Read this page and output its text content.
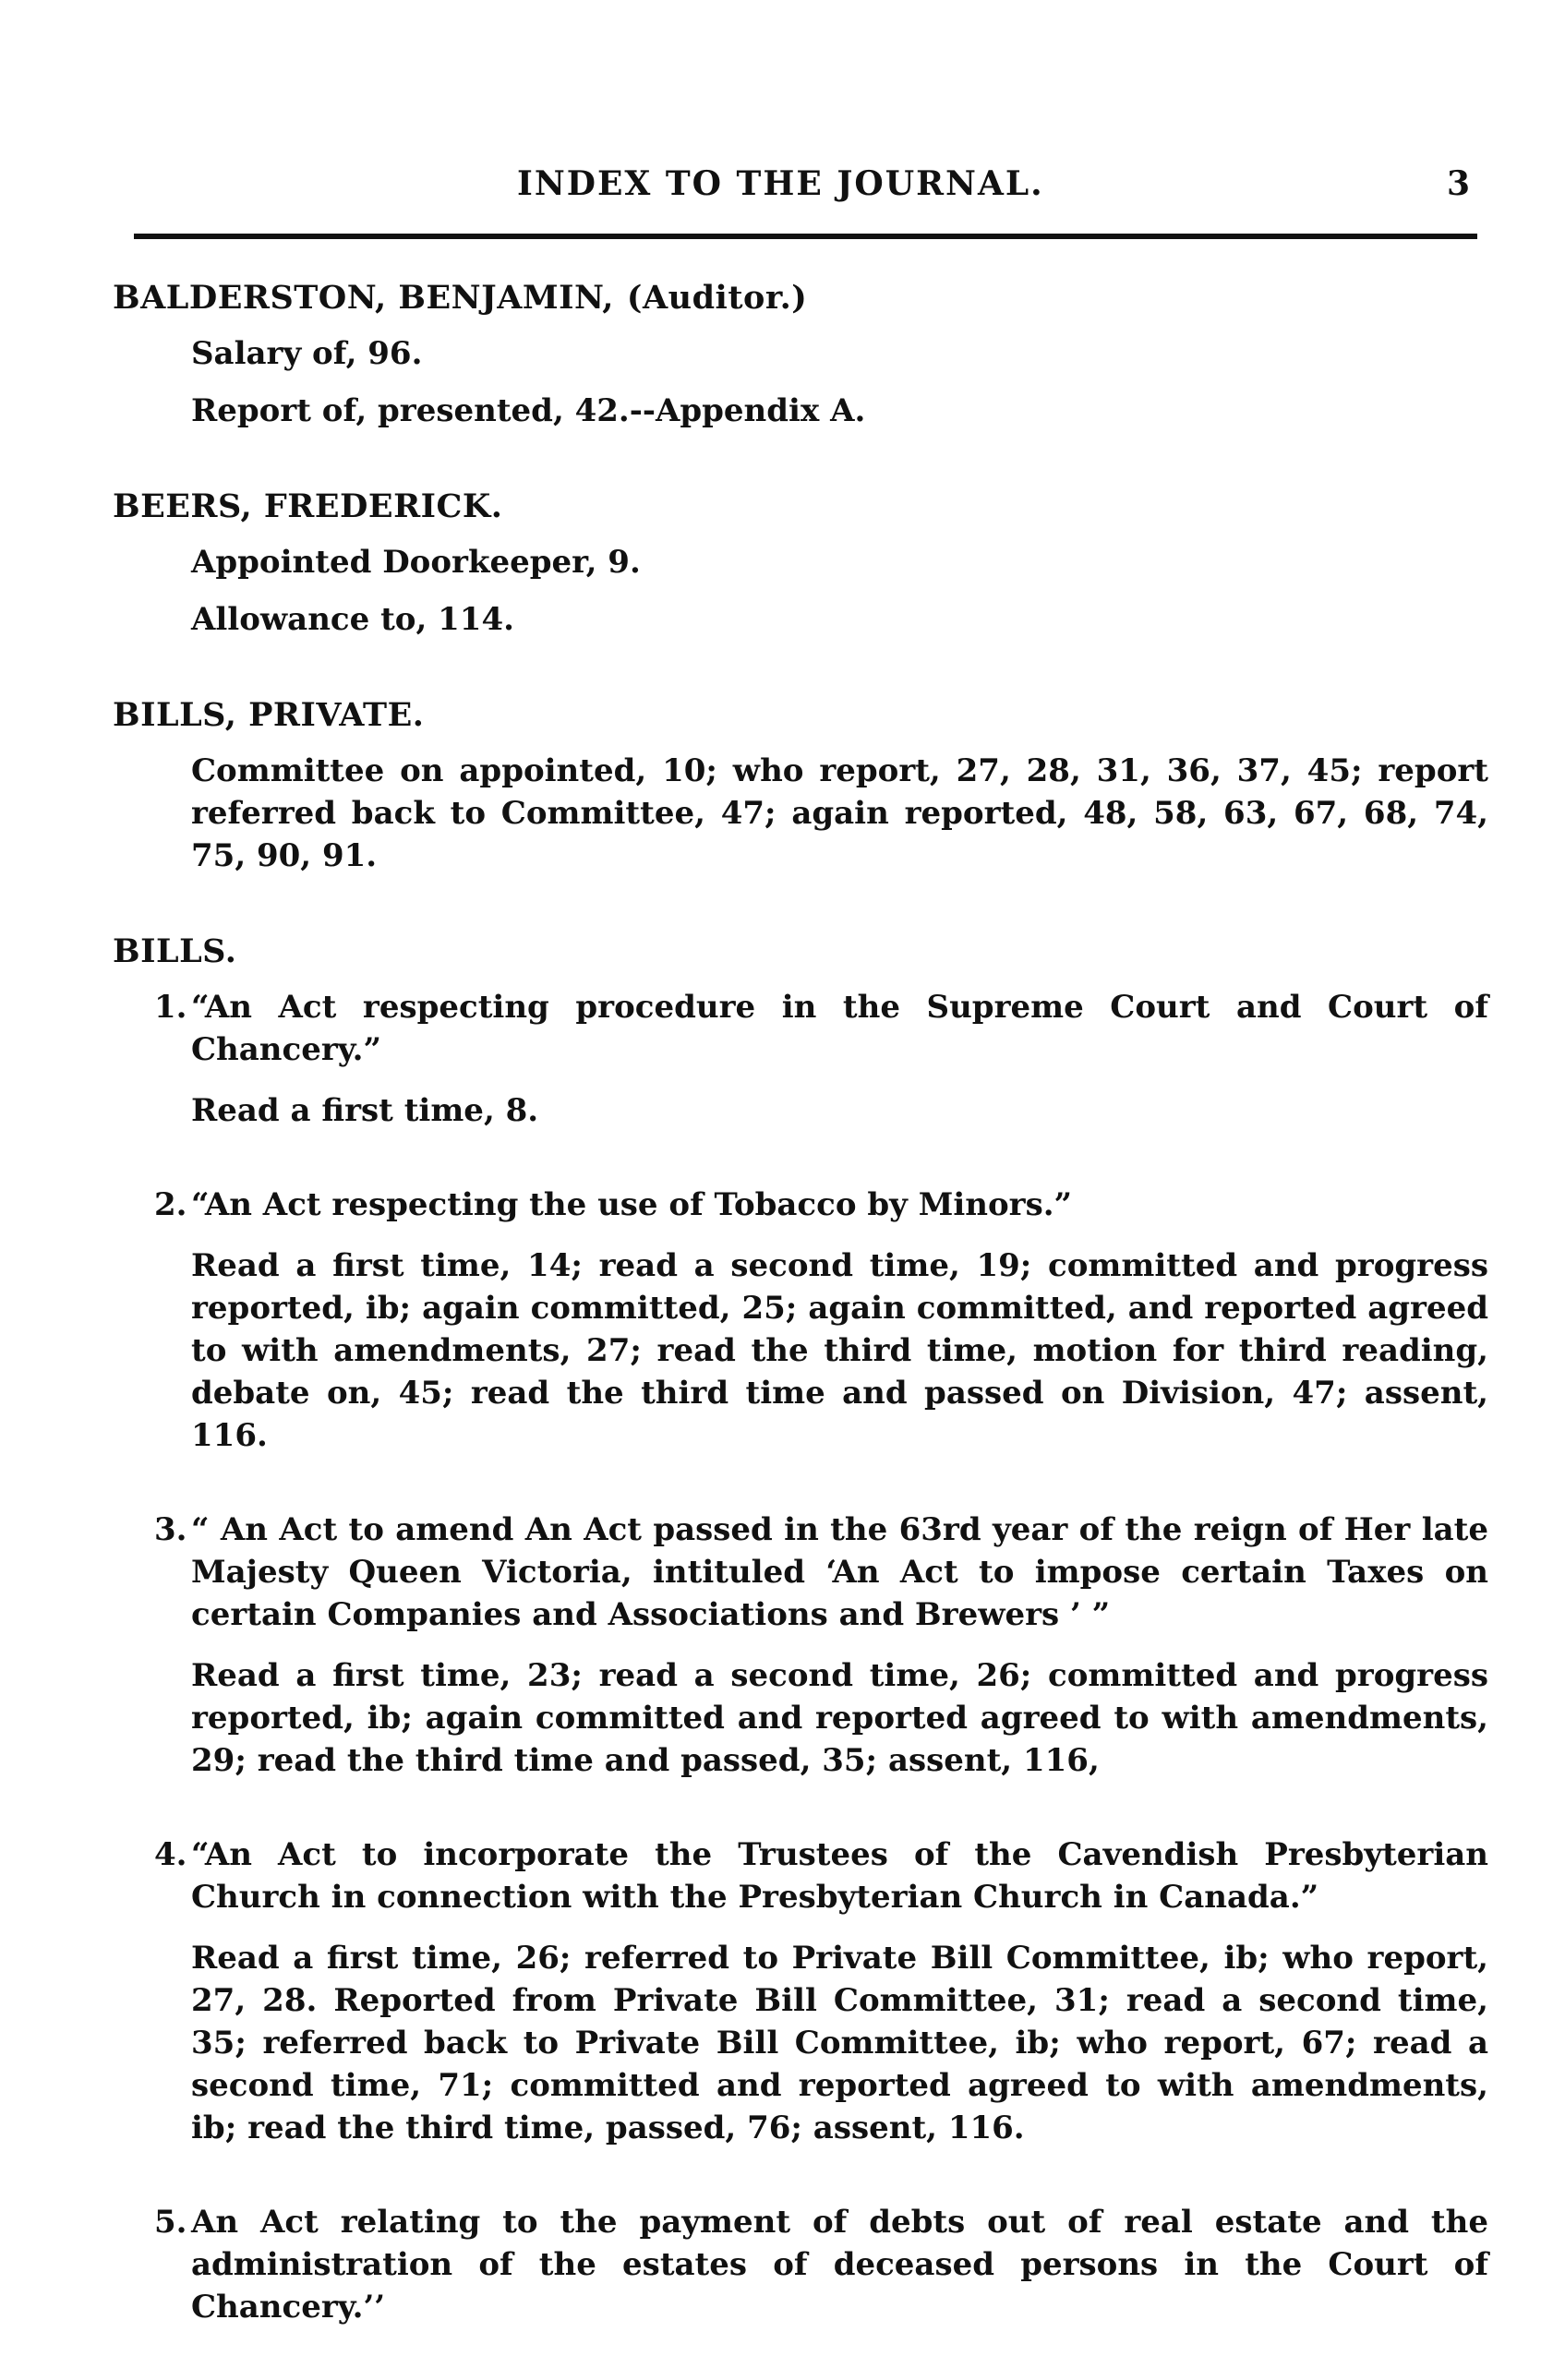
INDEX TO THE JOURNAL.	3
BALDERSTON, BENJAMIN, (Auditor.)
Salary of, 96.
Report of, presented, 42.--Appendix A.
BEERS, FREDERICK.
Appointed Doorkeeper, 9.
Allowance to, 114.
BILLS, PRIVATE.
Committee on appointed, 10; who report, 27, 28, 31, 36, 37, 45; report referred back to Committee, 47; again reported, 48, 58, 63, 67, 68, 74, 75, 90, 91.
BILLS.
1. “An Act respecting procedure in the Supreme Court and Court of Chancery.”
Read a first time, 8.
2. “An Act respecting the use of Tobacco by Minors.”
Read a first time, 14; read a second time, 19; committed and progress reported, ib; again committed, 25; again committed, and reported agreed to with amendments, 27; read the third time, motion for third reading, debate on, 45; read the third time and passed on Division, 47; assent, 116.
3. “ An Act to amend An Act passed in the 63rd year of the reign of Her late Majesty Queen Victoria, intituled ‘An Act to impose certain Taxes on certain Companies and Associations and Brewers ’ ”
Read a first time, 23; read a second time, 26; committed and progress reported, ib; again committed and reported agreed to with amendments, 29; read the third time and passed, 35; assent, 116,
4. “An Act to incorporate the Trustees of the Cavendish Presbyterian Church in connection with the Presbyterian Church in Canada.”
Read a first time, 26; referred to Private Bill Committee, ib; who report, 27, 28. Reported from Private Bill Committee, 31; read a second time, 35; referred back to Private Bill Committee, ib; who report, 67; read a second time, 71; committed and reported agreed to with amendments, ib; read the third time, passed, 76; assent, 116.
5. An Act relating to the payment of debts out of real estate and the administration of the estates of deceased persons in the Court of Chancery.’’
